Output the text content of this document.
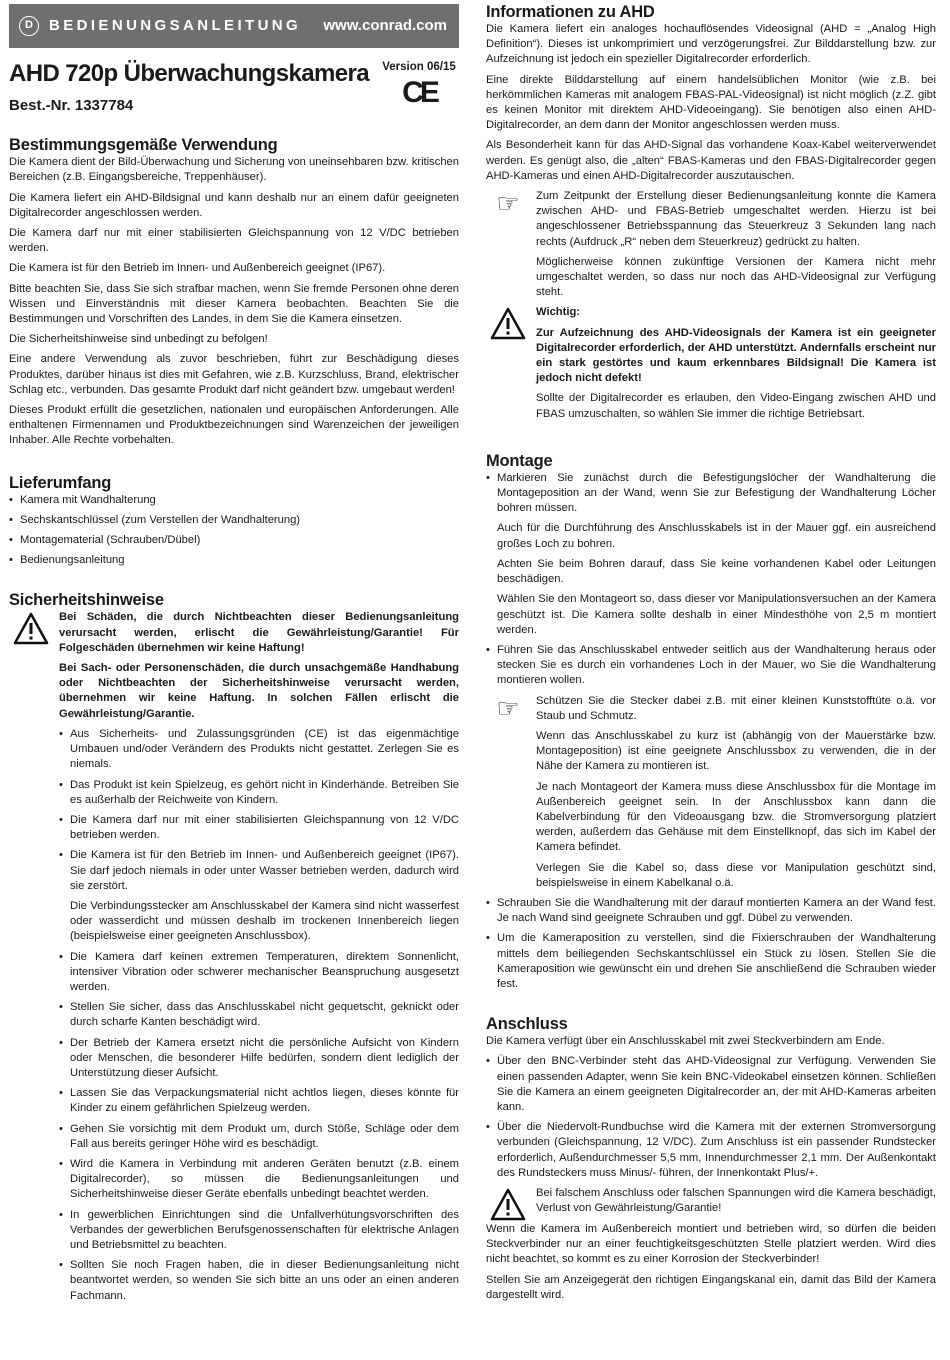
D	BEDIENUNGSANLEITUNG	www.conrad.com
AHD 720p Überwachungskamera
Best.-Nr. 1337784
Version 06/15
CE
Bestimmungsgemäße Verwendung

Die Kamera dient der Bild-Überwachung und Sicherung von uneinsehbaren bzw. kritischen Bereichen (z.B. Eingangsbereiche, Treppenhäuser).

Die Kamera liefert ein AHD-Bildsignal und kann deshalb nur an einem dafür geeigneten Digitalrecorder angeschlossen werden.

Die Kamera darf nur mit einer stabilisierten Gleichspannung von 12 V/DC betrieben werden.

Die Kamera ist für den Betrieb im Innen- und Außenbereich geeignet (IP67).

Bitte beachten Sie, dass Sie sich strafbar machen, wenn Sie fremde Personen ohne deren Wissen und Einverständnis mit dieser Kamera beobachten. Beachten Sie die Bestimmungen und Vorschriften des Landes, in dem Sie die Kamera einsetzen.

Die Sicherheitshinweise sind unbedingt zu befolgen!

Eine andere Verwendung als zuvor beschrieben, führt zur Beschädigung dieses Produktes, darüber hinaus ist dies mit Gefahren, wie z.B. Kurzschluss, Brand, elektrischer Schlag etc., verbunden. Das gesamte Produkt darf nicht geändert bzw. umgebaut werden!

Dieses Produkt erfüllt die gesetzlichen, nationalen und europäischen Anforderungen. Alle enthaltenen Firmennamen und Produktbezeichnungen sind Warenzeichen der jeweiligen Inhaber. Alle Rechte vorbehalten.

Lieferumfang
• Kamera mit Wandhalterung
• Sechskantschlüssel (zum Verstellen der Wandhalterung)
• Montagematerial (Schrauben/Dübel)
• Bedienungsanleitung
Sicherheitshinweise

Bei Schäden, die durch Nichtbeachten dieser Bedienungsanleitung verursacht werden, erlischt die Gewährleistung/Garantie! Für Folgeschäden übernehmen wir keine Haftung!

Bei Sach- oder Personenschäden, die durch unsachgemäße Handhabung oder Nichtbeachten der Sicherheitshinweise verursacht werden, übernehmen wir keine Haftung. In solchen Fällen erlischt die Gewährleistung/Garantie.

• Aus Sicherheits- und Zulassungsgründen (CE) ist das eigenmächtige Umbauen und/oder Verändern des Produkts nicht gestattet. Zerlegen Sie es niemals.
• Das Produkt ist kein Spielzeug, es gehört nicht in Kinderhände. Betreiben Sie es außerhalb der Reichweite von Kindern.
• Die Kamera darf nur mit einer stabilisierten Gleichspannung von 12 V/DC betrieben werden.
• Die Kamera ist für den Betrieb im Innen- und Außenbereich geeignet (IP67). Sie darf jedoch niemals in oder unter Wasser betrieben werden, dadurch wird sie zerstört.
Die Verbindungsstecker am Anschlusskabel der Kamera sind nicht wasserfest oder wasserdicht und müssen deshalb im trockenen Innenbereich liegen (beispielsweise einer geeigneten Anschlussbox).
• Die Kamera darf keinen extremen Temperaturen, direktem Sonnenlicht, intensiver Vibration oder schwerer mechanischer Beanspruchung ausgesetzt werden.
• Stellen Sie sicher, dass das Anschlusskabel nicht gequetscht, geknickt oder durch scharfe Kanten beschädigt wird.
• Der Betrieb der Kamera ersetzt nicht die persönliche Aufsicht von Kindern oder Menschen, die besonderer Hilfe bedürfen, sondern dient lediglich der Unterstützung dieser Aufsicht.
• Lassen Sie das Verpackungsmaterial nicht achtlos liegen, dieses könnte für Kinder zu einem gefährlichen Spielzeug werden.
• Gehen Sie vorsichtig mit dem Produkt um, durch Stöße, Schläge oder dem Fall aus bereits geringer Höhe wird es beschädigt.
• Wird die Kamera in Verbindung mit anderen Geräten benutzt (z.B. einem Digitalrecorder), so müssen die Bedienungsanleitungen und Sicherheitshinweise dieser Geräte ebenfalls unbedingt beachtet werden.
• In gewerblichen Einrichtungen sind die Unfallverhütungsvorschriften des Verbandes der gewerblichen Berufsgenossenschaften für elektrische Anlagen und Betriebsmittel zu beachten.
• Sollten Sie noch Fragen haben, die in dieser Bedienungsanleitung nicht beantwortet werden, so wenden Sie sich bitte an uns oder an einen anderen Fachmann.
Informationen zu AHD

Die Kamera liefert ein analoges hochauflösendes Videosignal (AHD = „Analog High Definition“). Dieses ist unkomprimiert und verzögerungsfrei. Zur Bilddarstellung bzw. zur Aufzeichnung ist jedoch ein spezieller Digitalrecorder erforderlich.

Eine direkte Bilddarstellung auf einem handelsüblichen Monitor (wie z.B. bei herkömmlichen Kameras mit analogem FBAS-PAL-Videosignal) ist nicht möglich (z.Z. gibt es keinen Monitor mit direktem AHD-Videoeingang). Sie benötigen also einen AHD-Digitalrecorder, an dem dann der Monitor angeschlossen werden muss.

Als Besonderheit kann für das AHD-Signal das vorhandene Koax-Kabel weiterverwendet werden. Es genügt also, die „alten“ FBAS-Kameras und den FBAS-Digitalrecorder gegen AHD-Kameras und einen AHD-Digitalrecorder auszutauschen.

☞	Zum Zeitpunkt der Erstellung dieser Bedienungsanleitung konnte die Kamera zwischen AHD- und FBAS-Betrieb umgeschaltet werden. Hierzu ist bei angeschlossener Betriebsspannung das Steuerkreuz 3 Sekunden lang nach rechts (Aufdruck „R“ neben dem Steuerkreuz) gedrückt zu halten.

Möglicherweise können zukünftige Versionen der Kamera nicht mehr umgeschaltet werden, so dass nur noch das AHD-Videosignal zur Verfügung steht.

Wichtig:

Zur Aufzeichnung des AHD-Videosignals der Kamera ist ein geeigneter Digitalrecorder erforderlich, der AHD unterstützt. Andernfalls erscheint nur ein stark gestörtes und kaum erkennbares Bildsignal! Die Kamera ist jedoch nicht defekt!

Sollte der Digitalrecorder es erlauben, den Video-Eingang zwischen AHD und FBAS umzuschalten, so wählen Sie immer die richtige Betriebsart.

Montage
• Markieren Sie zunächst durch die Befestigungslöcher der Wandhalterung die Montageposition an der Wand, wenn Sie zur Befestigung der Wandhalterung Löcher bohren müssen.
Auch für die Durchführung des Anschlusskabels ist in der Mauer ggf. ein ausreichend großes Loch zu bohren.
Achten Sie beim Bohren darauf, dass Sie keine vorhandenen Kabel oder Leitungen beschädigen.
Wählen Sie den Montageort so, dass dieser vor Manipulationsversuchen an der Kamera geschützt ist. Die Kamera sollte deshalb in einer Mindesthöhe von 2,5 m montiert werden.
• Führen Sie das Anschlusskabel entweder seitlich aus der Wandhalterung heraus oder stecken Sie es durch ein vorhandenes Loch in der Mauer, wo Sie die Wandhalterung montieren wollen.
☞	Schützen Sie die Stecker dabei z.B. mit einer kleinen Kunststofftüte o.ä. vor Staub und Schmutz.

Wenn das Anschlusskabel zu kurz ist (abhängig von der Mauerstärke bzw. Montageposition) ist eine geeignete Anschlussbox zu verwenden, die in der Nähe der Kamera zu montieren ist.

Je nach Montageort der Kamera muss diese Anschlussbox für die Montage im Außenbereich geeignet sein. In der Anschlussbox kann dann die Kabelverbindung für den Videoausgang bzw. die Stromversorgung platziert werden, außerdem das Gehäuse mit dem Einstellknopf, das sich im Kabel der Kamera befindet.

Verlegen Sie die Kabel so, dass diese vor Manipulation geschützt sind, beispielsweise in einem Kabelkanal o.ä.

• Schrauben Sie die Wandhalterung mit der darauf montierten Kamera an der Wand fest. Je nach Wand sind geeignete Schrauben und ggf. Dübel zu verwenden.
• Um die Kameraposition zu verstellen, sind die Fixierschrauben der Wandhalterung mittels dem beiliegenden Sechskantschlüssel ein Stück zu lösen. Stellen Sie die Kameraposition wie gewünscht ein und drehen Sie anschließend die Schrauben wieder fest.
Anschluss

Die Kamera verfügt über ein Anschlusskabel mit zwei Steckverbindern am Ende.

• Über den BNC-Verbinder steht das AHD-Videosignal zur Verfügung. Verwenden Sie einen passenden Adapter, wenn Sie kein BNC-Videokabel einsetzen können. Schließen Sie die Kamera an einem geeigneten Digitalrecorder an, der mit AHD-Kameras arbeiten kann.
• Über die Niedervolt-Rundbuchse wird die Kamera mit der externen Stromversorgung verbunden (Gleichspannung, 12 V/DC). Zum Anschluss ist ein passender Rundstecker erforderlich, Außendurchmesser 5,5 mm, Innendurchmesser 2,1 mm. Der Außenkontakt des Rundsteckers muss Minus/- führen, der Innenkontakt Plus/+.

Bei falschem Anschluss oder falschen Spannungen wird die Kamera beschädigt, Verlust von Gewährleistung/Garantie!

Wenn die Kamera im Außenbereich montiert und betrieben wird, so dürfen die beiden Steckverbinder nur an einer feuchtigkeitsgeschützten Stelle platziert werden. Wird dies nicht beachtet, so kommt es zu einer Korrosion der Steckverbinder!

Stellen Sie am Anzeigegerät den richtigen Eingangskanal ein, damit das Bild der Kamera dargestellt wird.
